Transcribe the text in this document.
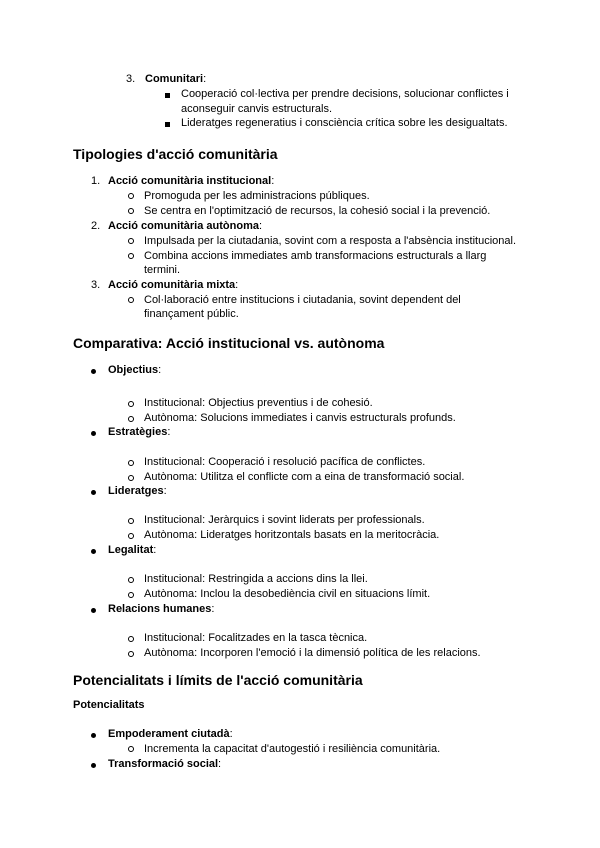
3. Comunitari:
Cooperació col·lectiva per prendre decisions, solucionar conflictes i
aconseguir canvis estructurals.
Lideratges regeneratius i consciència crítica sobre les desigualtats.
Tipologies d'acció comunitària
1. Acció comunitària institucional:
Promoguda per les administracions públiques.
Se centra en l'optimització de recursos, la cohesió social i la prevenció.
2. Acció comunitària autònoma:
Impulsada per la ciutadania, sovint com a resposta a l'absència institucional.
Combina accions immediates amb transformacions estructurals a llarg
termini.
3. Acció comunitària mixta:
Col·laboració entre institucions i ciutadania, sovint dependent del
finançament públic.
Comparativa: Acció institucional vs. autònoma
Objectius:
Institucional: Objectius preventius i de cohesió.
Autònoma: Solucions immediates i canvis estructurals profunds.
Estratègies:
Institucional: Cooperació i resolució pacífica de conflictes.
Autònoma: Utilitza el conflicte com a eina de transformació social.
Lideratges:
Institucional: Jeràrquics i sovint liderats per professionals.
Autònoma: Lideratges horitzontals basats en la meritocràcia.
Legalitat:
Institucional: Restringida a accions dins la llei.
Autònoma: Inclou la desobediència civil en situacions límit.
Relacions humanes:
Institucional: Focalitzades en la tasca tècnica.
Autònoma: Incorporen l'emoció i la dimensió política de les relacions.
Potencialitats i límits de l'acció comunitària
Potencialitats
Empoderament ciutadà:
Incrementa la capacitat d'autogestió i resiliència comunitària.
Transformació social:
